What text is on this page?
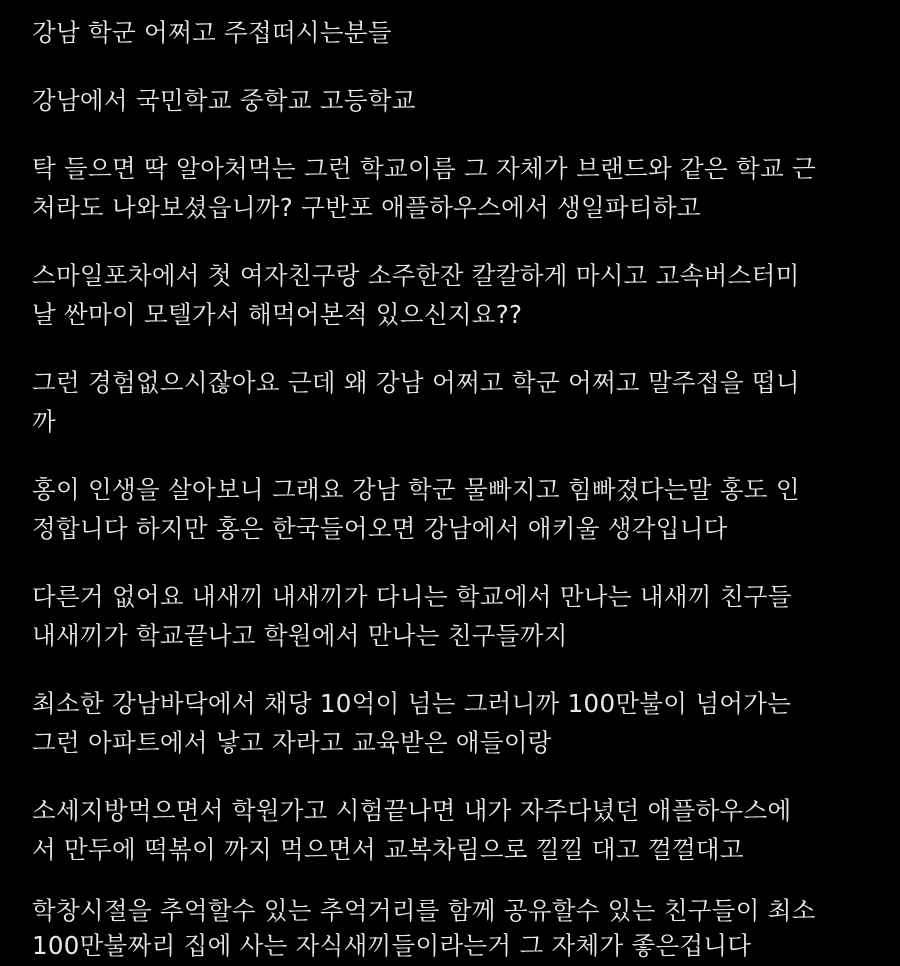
강남 학군 어쩌고 주접떠시는분들
강남에서 국민학교 중학교 고등학교
탁 들으면 딱 알아처먹는 그런 학교이름 그 자체가 브랜드와 같은 학교 근
처라도 나와보셨읍니까? 구반포 애플하우스에서 생일파티하고
스마일포차에서 첫 여자친구랑 소주한잔 칼칼하게 마시고 고속버스터미
날 싼마이 모텔가서 해먹어본적 있으신지요??
그런 경험없으시잖아요 근데 왜 강남 어쩌고 학군 어쩌고 말주접을 떱니
까
홍이 인생을 살아보니 그래요 강남 학군 물빠지고 힘빠졌다는말 홍도 인
정합니다 하지만 홍은 한국들어오면 강남에서 애키울 생각입니다
다른거 없어요 내새끼 내새끼가 다니는 학교에서 만나는 내새끼 친구들
내새끼가 학교끝나고 학원에서 만나는 친구들까지
최소한 강남바닥에서 채당 10억이 넘는 그러니까 100만불이 넘어가는
그런 아파트에서 낳고 자라고 교육받은 애들이랑
소세지방먹으면서 학원가고 시험끝나면 내가 자주다녔던 애플하우스에
서 만두에 떡볶이 까지 먹으면서 교복차림으로 낄낄 대고 껄껄대고
학창시절을 추억할수 있는 추억거리를 함께 공유할수 있는 친구들이 최소
100만불짜리 집에 사는 자식새끼들이라는거 그 자체가 좋은겁니다
